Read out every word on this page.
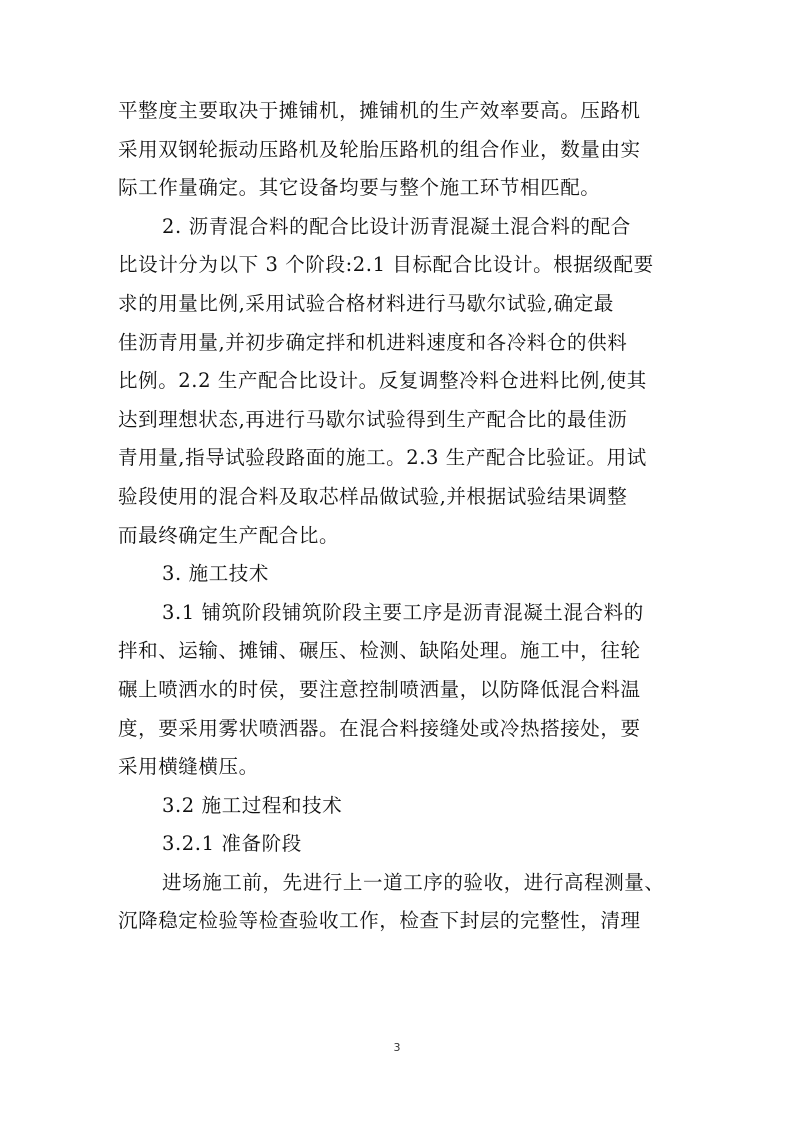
平整度主要取决于摊铺机，摊铺机的生产效率要高。压路机
采用双钢轮振动压路机及轮胎压路机的组合作业，数量由实
际工作量确定。其它设备均要与整个施工环节相匹配。
2. 沥青混合料的配合比设计沥青混凝土混合料的配合
比设计分为以下 3 个阶段:2.1 目标配合比设计。根据级配要
求的用量比例,采用试验合格材料进行马歇尔试验,确定最
佳沥青用量,并初步确定拌和机进料速度和各冷料仓的供料
比例。2.2 生产配合比设计。反复调整冷料仓进料比例,使其
达到理想状态,再进行马歇尔试验得到生产配合比的最佳沥
青用量,指导试验段路面的施工。2.3 生产配合比验证。用试
验段使用的混合料及取芯样品做试验,并根据试验结果调整
而最终确定生产配合比。
3. 施工技术
3.1 铺筑阶段铺筑阶段主要工序是沥青混凝土混合料的
拌和、运输、摊铺、碾压、检测、缺陷处理。施工中，往轮
碾上喷洒水的时侯，要注意控制喷洒量，以防降低混合料温
度，要采用雾状喷洒器。在混合料接缝处或冷热搭接处，要
采用横缝横压。
3.2 施工过程和技术
3.2.1 准备阶段
进场施工前，先进行上一道工序的验收，进行高程测量、
沉降稳定检验等检查验收工作，检查下封层的完整性，清理
3
